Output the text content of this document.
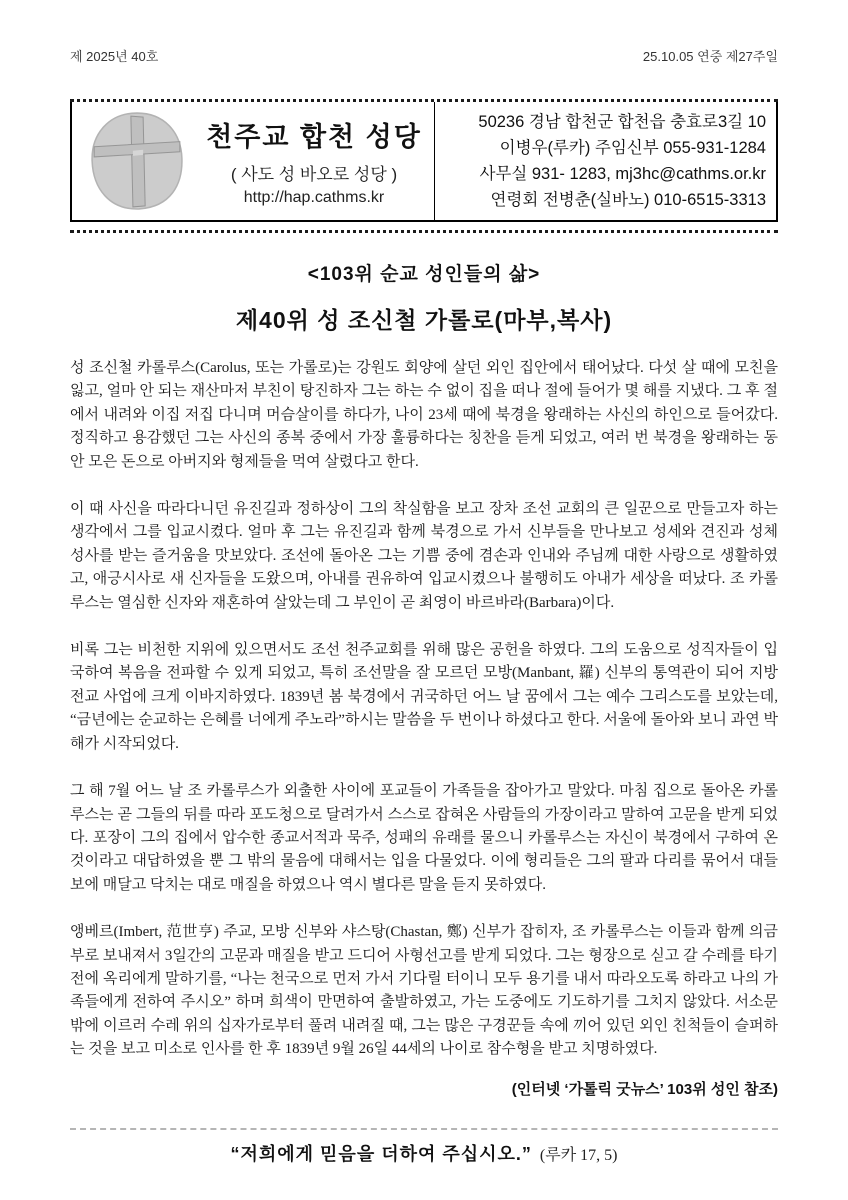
제 2025년 40호	25.10.05 연중 제27주일
천주교 합천 성당
( 사도 성 바오로 성당 )
http://hap.cathms.kr
50236 경남 합천군 합천읍 충효로3길 10
이병우(루카) 주임신부 055-931-1284
사무실 931- 1283, mj3hc@cathms.or.kr
연령회 전병춘(실바노) 010-6515-3313
<103위 순교 성인들의 삶>
제40위 성 조신철 가롤로(마부,복사)

성 조신철 카롤루스(Carolus, 또는 가롤로)는 강원도 회양에 살던 외인 집안에서 태어났다. 다섯 살 때에 모친을 잃고, 얼마 안 되는 재산마저 부친이 탕진하자 그는 하는 수 없이 집을 떠나 절에 들어가 몇 해를 지냈다. 그 후 절에서 내려와 이집 저집 다니며 머슴살이를 하다가, 나이 23세 때에 북경을 왕래하는 사신의 하인으로 들어갔다. 정직하고 용감했던 그는 사신의 종복 중에서 가장 훌륭하다는 칭찬을 듣게 되었고, 여러 번 북경을 왕래하는 동안 모은 돈으로 아버지와 형제들을 먹여 살렸다고 한다.

이 때 사신을 따라다니던 유진길과 정하상이 그의 착실함을 보고 장차 조선 교회의 큰 일꾼으로 만들고자 하는 생각에서 그를 입교시켰다. 얼마 후 그는 유진길과 함께 북경으로 가서 신부들을 만나보고 성세와 견진과 성체 성사를 받는 즐거움을 맛보았다. 조선에 돌아온 그는 기쁨 중에 겸손과 인내와 주님께 대한 사랑으로 생활하였고, 애긍시사로 새 신자들을 도왔으며, 아내를 권유하여 입교시켰으나 불행히도 아내가 세상을 떠났다. 조 카롤루스는 열심한 신자와 재혼하여 살았는데 그 부인이 곧 최영이 바르바라(Barbara)이다.

비록 그는 비천한 지위에 있으면서도 조선 천주교회를 위해 많은 공헌을 하였다. 그의 도움으로 성직자들이 입국하여 복음을 전파할 수 있게 되었고, 특히 조선말을 잘 모르던 모방(Manbant, 羅) 신부의 통역관이 되어 지방 전교 사업에 크게 이바지하였다. 1839년 봄 북경에서 귀국하던 어느 날 꿈에서 그는 예수 그리스도를 보았는데, “금년에는 순교하는 은혜를 너에게 주노라”하시는 말씀을 두 번이나 하셨다고 한다. 서울에 돌아와 보니 과연 박해가 시작되었다.

그 해 7월 어느 날 조 카롤루스가 외출한 사이에 포교들이 가족들을 잡아가고 말았다. 마침 집으로 돌아온 카롤루스는 곧 그들의 뒤를 따라 포도청으로 달려가서 스스로 잡혀온 사람들의 가장이라고 말하여 고문을 받게 되었다. 포장이 그의 집에서 압수한 종교서적과 묵주, 성패의 유래를 물으니 카롤루스는 자신이 북경에서 구하여 온 것이라고 대답하였을 뿐 그 밖의 물음에 대해서는 입을 다물었다. 이에 형리들은 그의 팔과 다리를 묶어서 대들보에 매달고 닥치는 대로 매질을 하였으나 역시 별다른 말을 듣지 못하였다.

앵베르(Imbert, 范世亨) 주교, 모방 신부와 샤스탕(Chastan, 鄭) 신부가 잡히자, 조 카롤루스는 이들과 함께 의금부로 보내져서 3일간의 고문과 매질을 받고 드디어 사형선고를 받게 되었다. 그는 형장으로 싣고 갈 수레를 타기 전에 옥리에게 말하기를, “나는 천국으로 먼저 가서 기다릴 터이니 모두 용기를 내서 따라오도록 하라고 나의 가족들에게 전하여 주시오” 하며 희색이 만면하여 출발하였고, 가는 도중에도 기도하기를 그치지 않았다. 서소문 밖에 이르러 수레 위의 십자가로부터 풀려 내려질 때, 그는 많은 구경꾼들 속에 끼어 있던 외인 친척들이 슬퍼하는 것을 보고 미소로 인사를 한 후 1839년 9월 26일 44세의 나이로 참수형을 받고 치명하였다.

(인터넷 ‘가톨릭 굿뉴스’ 103위 성인 참조)
“저희에게 믿음을 더하여 주십시오.” (루카 17, 5)
